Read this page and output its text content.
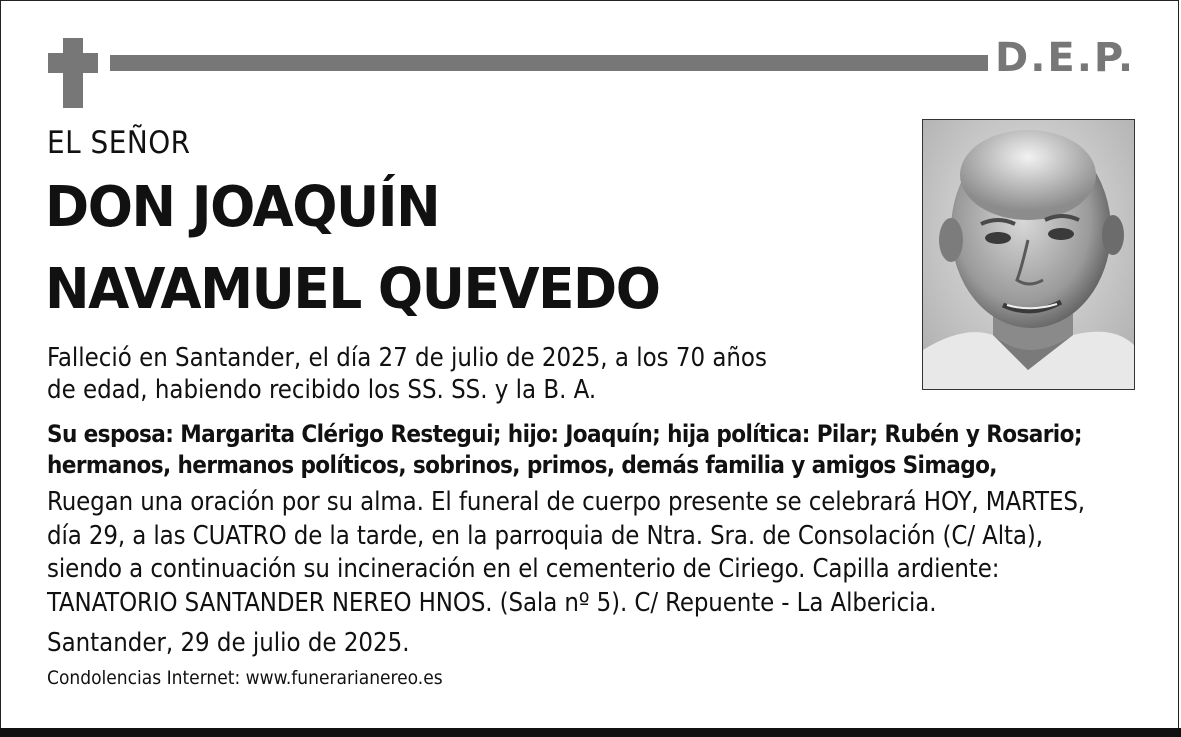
D.E.P.
EL SEÑOR
DON JOAQUÍN
NAVAMUEL QUEVEDO
Falleció en Santander, el día 27 de julio de 2025, a los 70 años
de edad, habiendo recibido los SS. SS. y la B. A.
Su esposa: Margarita Clérigo Restegui; hijo: Joaquín; hija política: Pilar; Rubén y Rosario;
hermanos, hermanos políticos, sobrinos, primos, demás familia y amigos Simago,
Ruegan una oración por su alma. El funeral de cuerpo presente se celebrará HOY, MARTES,
día 29, a las CUATRO de la tarde, en la parroquia de Ntra. Sra. de Consolación (C/ Alta),
siendo a continuación su incineración en el cementerio de Ciriego. Capilla ardiente:
TANATORIO SANTANDER NEREO HNOS. (Sala nº 5). C/ Repuente - La Albericia.
Santander, 29 de julio de 2025.
Condolencias Internet: www.funerarianereo.es
